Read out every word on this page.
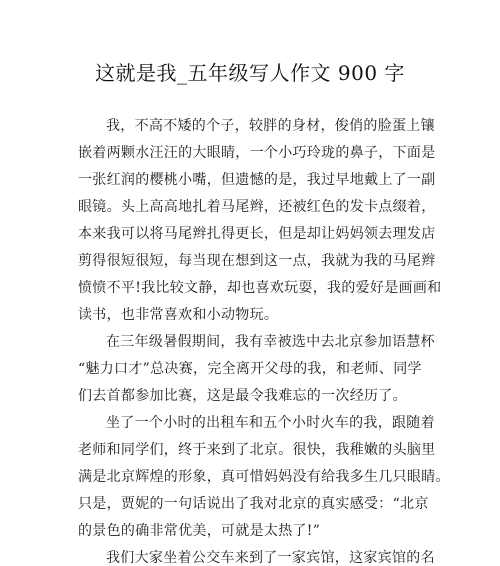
这就是我_五年级写人作文 900 字
我，不高不矮的个子，较胖的身材，俊俏的脸蛋上镶
嵌着两颗水汪汪的大眼睛，一个小巧玲珑的鼻子，下面是
一张红润的樱桃小嘴，但遗憾的是，我过早地戴上了一副
眼镜。头上高高地扎着马尾辫，还被红色的发卡点缀着，
本来我可以将马尾辫扎得更长，但是却让妈妈领去理发店
剪得很短很短，每当现在想到这一点，我就为我的马尾辫
愤愤不平!我比较文静，却也喜欢玩耍，我的爱好是画画和
读书，也非常喜欢和小动物玩。
在三年级暑假期间，我有幸被选中去北京参加语慧杯
“魅力口才”总决赛，完全离开父母的我，和老师、同学
们去首都参加比赛，这是最令我难忘的一次经历了。
坐了一个小时的出租车和五个小时火车的我，跟随着
老师和同学们，终于来到了北京。很快，我稚嫩的头脑里
满是北京辉煌的形象，真可惜妈妈没有给我多生几只眼睛。
只是，贾妮的一句话说出了我对北京的真实感受：“北京
的景色的确非常优美，可就是太热了!”
我们大家坐着公交车来到了一家宾馆，这家宾馆的名
